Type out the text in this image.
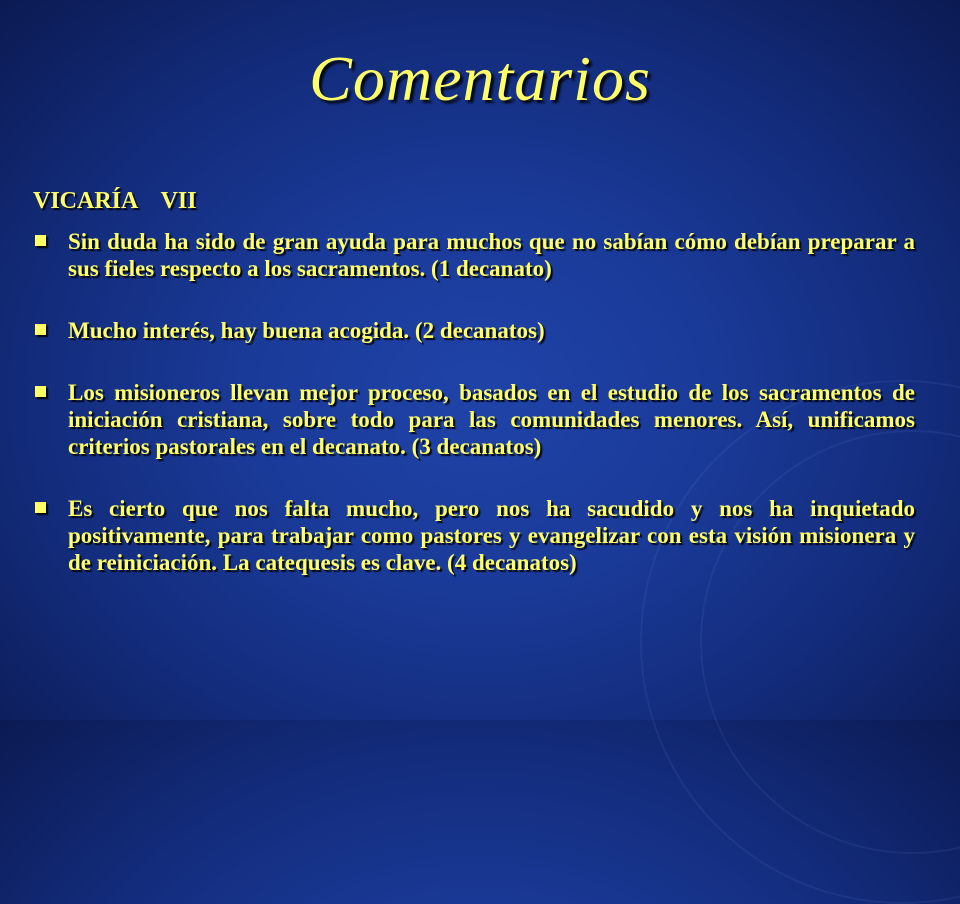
Comentarios
VICARÍA VII
Sin duda ha sido de gran ayuda para muchos que no sabían cómo debían preparar a sus fieles respecto a los sacramentos. (1 decanato)
Mucho interés, hay buena acogida. (2 decanatos)
Los misioneros llevan mejor proceso, basados en el estudio de los sacramentos de iniciación cristiana, sobre todo para las comunidades menores. Así, unificamos criterios pastorales en el decanato. (3 decanatos)
Es cierto que nos falta mucho, pero nos ha sacudido y nos ha inquietado positivamente, para trabajar como pastores y evangelizar con esta visión misionera y de reiniciación. La catequesis es clave. (4 decanatos)
